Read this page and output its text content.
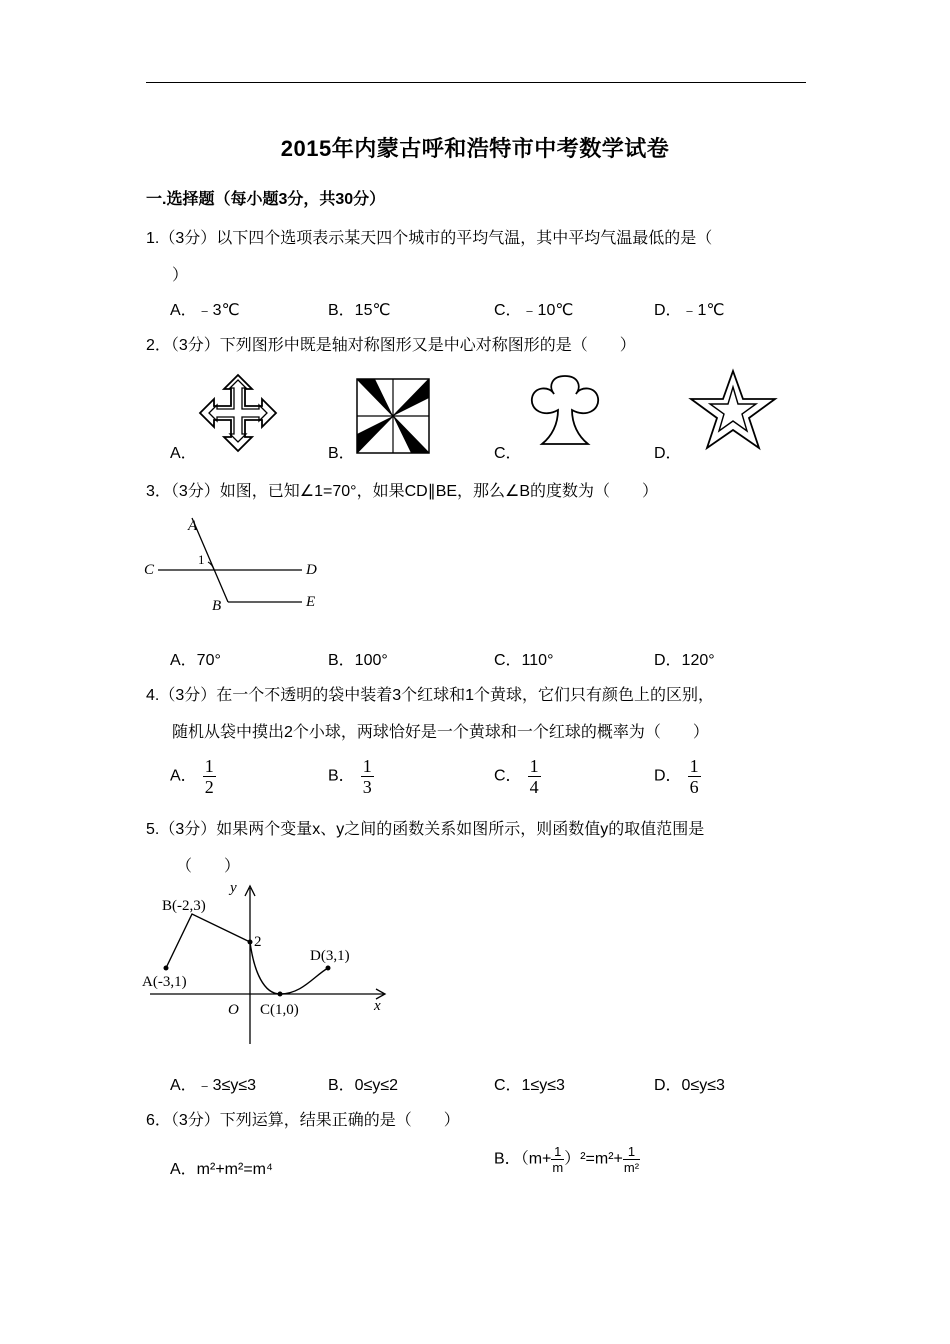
2015年内蒙古呼和浩特市中考数学试卷
一.选择题（每小题3分，共30分）
1.（3分）以下四个选项表示某天四个城市的平均气温，其中平均气温最低的是（
）
A．﹣3℃	B．15℃	C．﹣10℃	D．﹣1℃
2．（3分）下列图形中既是轴对称图形又是中心对称图形的是（　　）
A．	B．	C．	D．
3．（3分）如图，已知∠1=70°，如果CD∥BE，那么∠B的度数为（　　）
A
C
1
D
B	E
A．70°	B．100°	C．110°	D．120°
4.（3分）在一个不透明的袋中装着3个红球和1个黄球，它们只有颜色上的区别，
随机从袋中摸出2个小球，两球恰好是一个黄球和一个红球的概率为（　　）
A． $\frac{1}{2}$	B． $\frac{1}{3}$	C． $\frac{1}{4}$	D． $\frac{1}{6}$
5.（3分）如果两个变量x、y之间的函数关系如图所示，则函数值y的取值范围是
（　　）
B(-2,3)
A(-3,1)
2
D(3,1)
C(1,0)
O	x
y
A．﹣3≤y≤3	B．0≤y≤2	C．1≤y≤3	D．0≤y≤3
6．（3分）下列运算，结果正确的是（　　）
A．m²+m²=m⁴
B．$(m+ \frac{1}{m} )^2=m^2+ \frac{1}{\text{m²}}$
